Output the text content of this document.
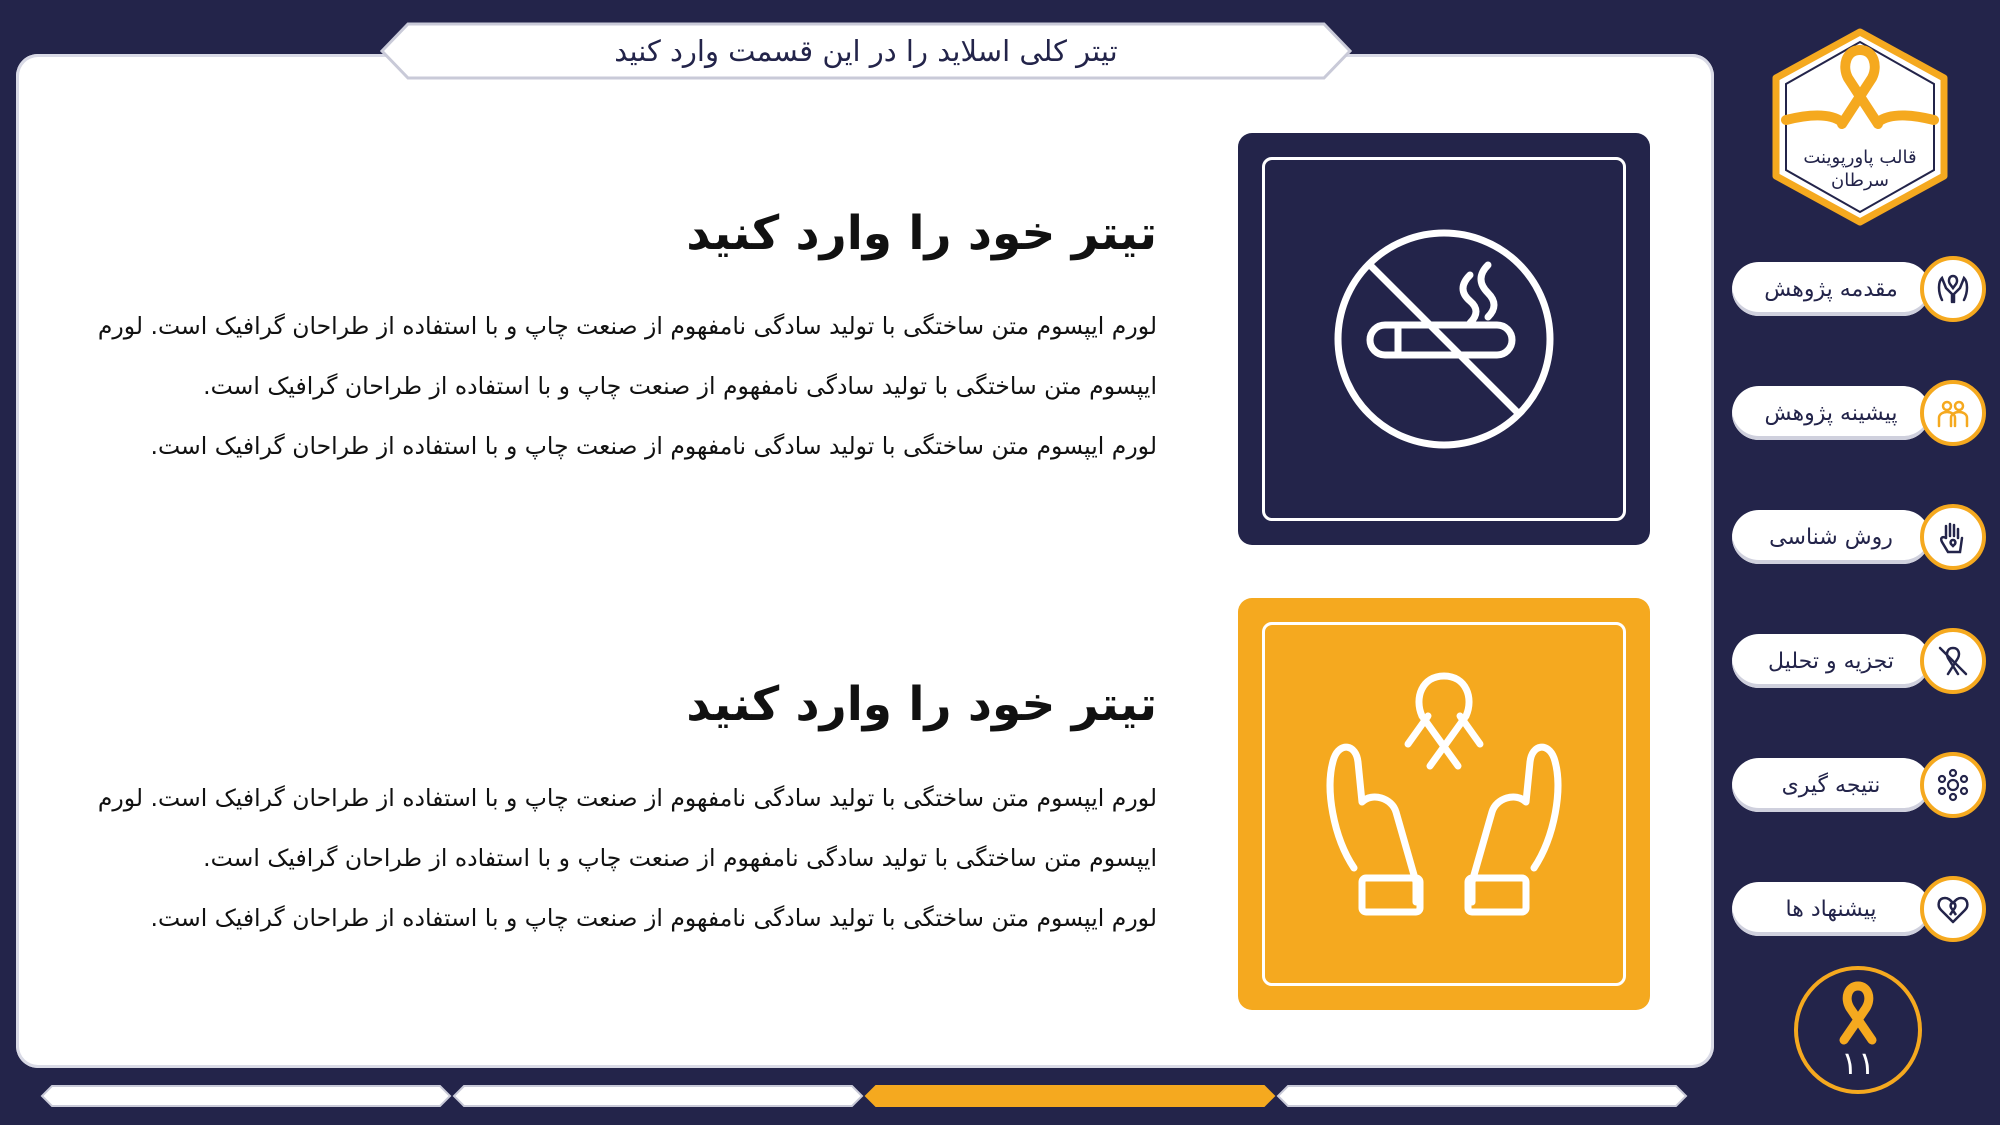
تیتر کلی اسلاید را در این قسمت وارد کنید
تیتر خود را وارد کنید
لورم ایپسوم متن ساختگی با تولید سادگی نامفهوم از صنعت چاپ و با استفاده از طراحان گرافیک است. لورم
ایپسوم متن ساختگی با تولید سادگی نامفهوم از صنعت چاپ و با استفاده از طراحان گرافیک است.
لورم ایپسوم متن ساختگی با تولید سادگی نامفهوم از صنعت چاپ و با استفاده از طراحان گرافیک است.
تیتر خود را وارد کنید
لورم ایپسوم متن ساختگی با تولید سادگی نامفهوم از صنعت چاپ و با استفاده از طراحان گرافیک است. لورم
ایپسوم متن ساختگی با تولید سادگی نامفهوم از صنعت چاپ و با استفاده از طراحان گرافیک است.
لورم ایپسوم متن ساختگی با تولید سادگی نامفهوم از صنعت چاپ و با استفاده از طراحان گرافیک است.
قالب پاورپوینت
سرطان
مقدمه پژوهش
پیشینه پژوهش
روش شناسی
تجزیه و تحلیل
نتیجه گیری
پیشنهاد ها
۱۱
